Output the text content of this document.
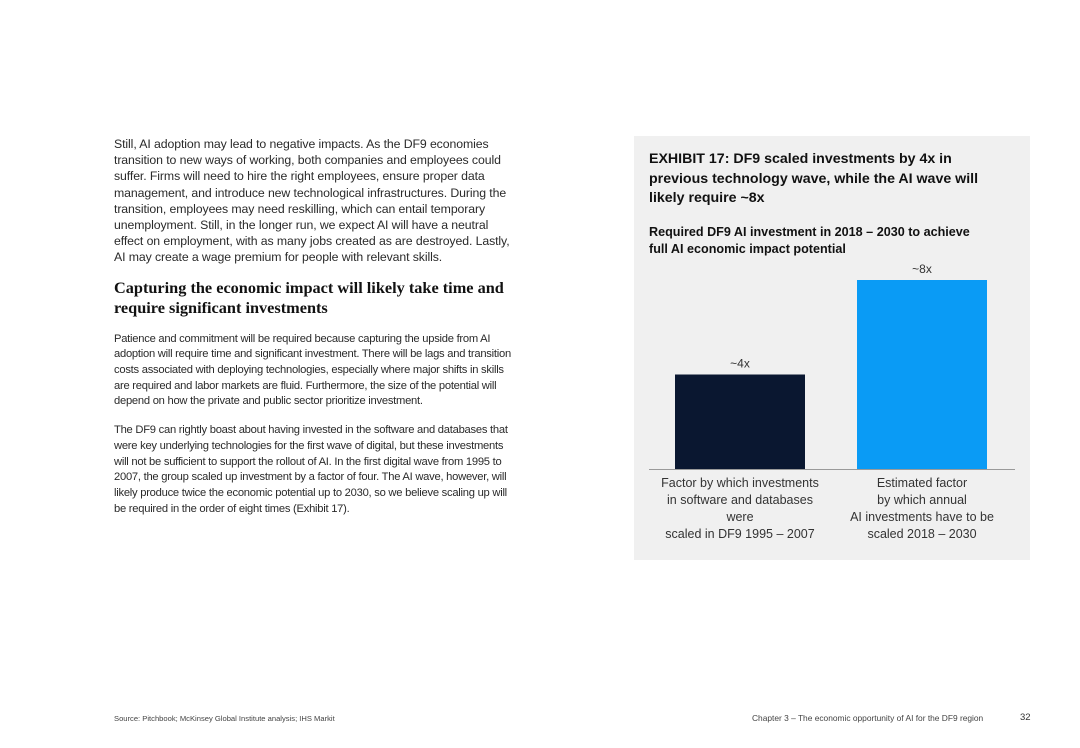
Still, AI adoption may lead to negative impacts. As the DF9 economies transition to new ways of working, both companies and employees could suffer. Firms will need to hire the right employees, ensure proper data management, and introduce new technological infrastructures. During the transition, employees may need reskilling, which can entail temporary unemployment. Still, in the longer run, we expect AI will have a neutral effect on employment, with as many jobs created as are destroyed. Lastly, AI may create a wage premium for people with relevant skills.

Capturing the economic impact will likely take time and require significant investments

Patience and commitment will be required because capturing the upside from AI adoption will require time and significant investment. There will be lags and transition costs associated with deploying technologies, especially where major shifts in skills are required and labor markets are fluid. Furthermore, the size of the potential will depend on how the private and public sector prioritize investment.

The DF9 can rightly boast about having invested in the software and databases that were key underlying technologies for the first wave of digital, but these investments will not be sufficient to support the rollout of AI. In the first digital wave from 1995 to 2007, the group scaled up investment by a factor of four. The AI wave, however, will likely produce twice the economic potential up to 2030, so we believe scaling up will be required in the order of eight times (Exhibit 17).

EXHIBIT 17: DF9 scaled investments by 4x in previous technology wave, while the AI wave will likely require ~8x
Required DF9 AI investment in 2018 – 2030 to achieve full AI economic impact potential
~4x
Factor by which investments
in software and databases
were
scaled in DF9 1995 – 2007
~8x
Estimated factor
by which annual
AI investments have to be
scaled 2018 – 2030
Source: Pitchbook; McKinsey Global Institute analysis; IHS Markit	Chapter 3 – The economic opportunity of AI for the DF9 region	32
